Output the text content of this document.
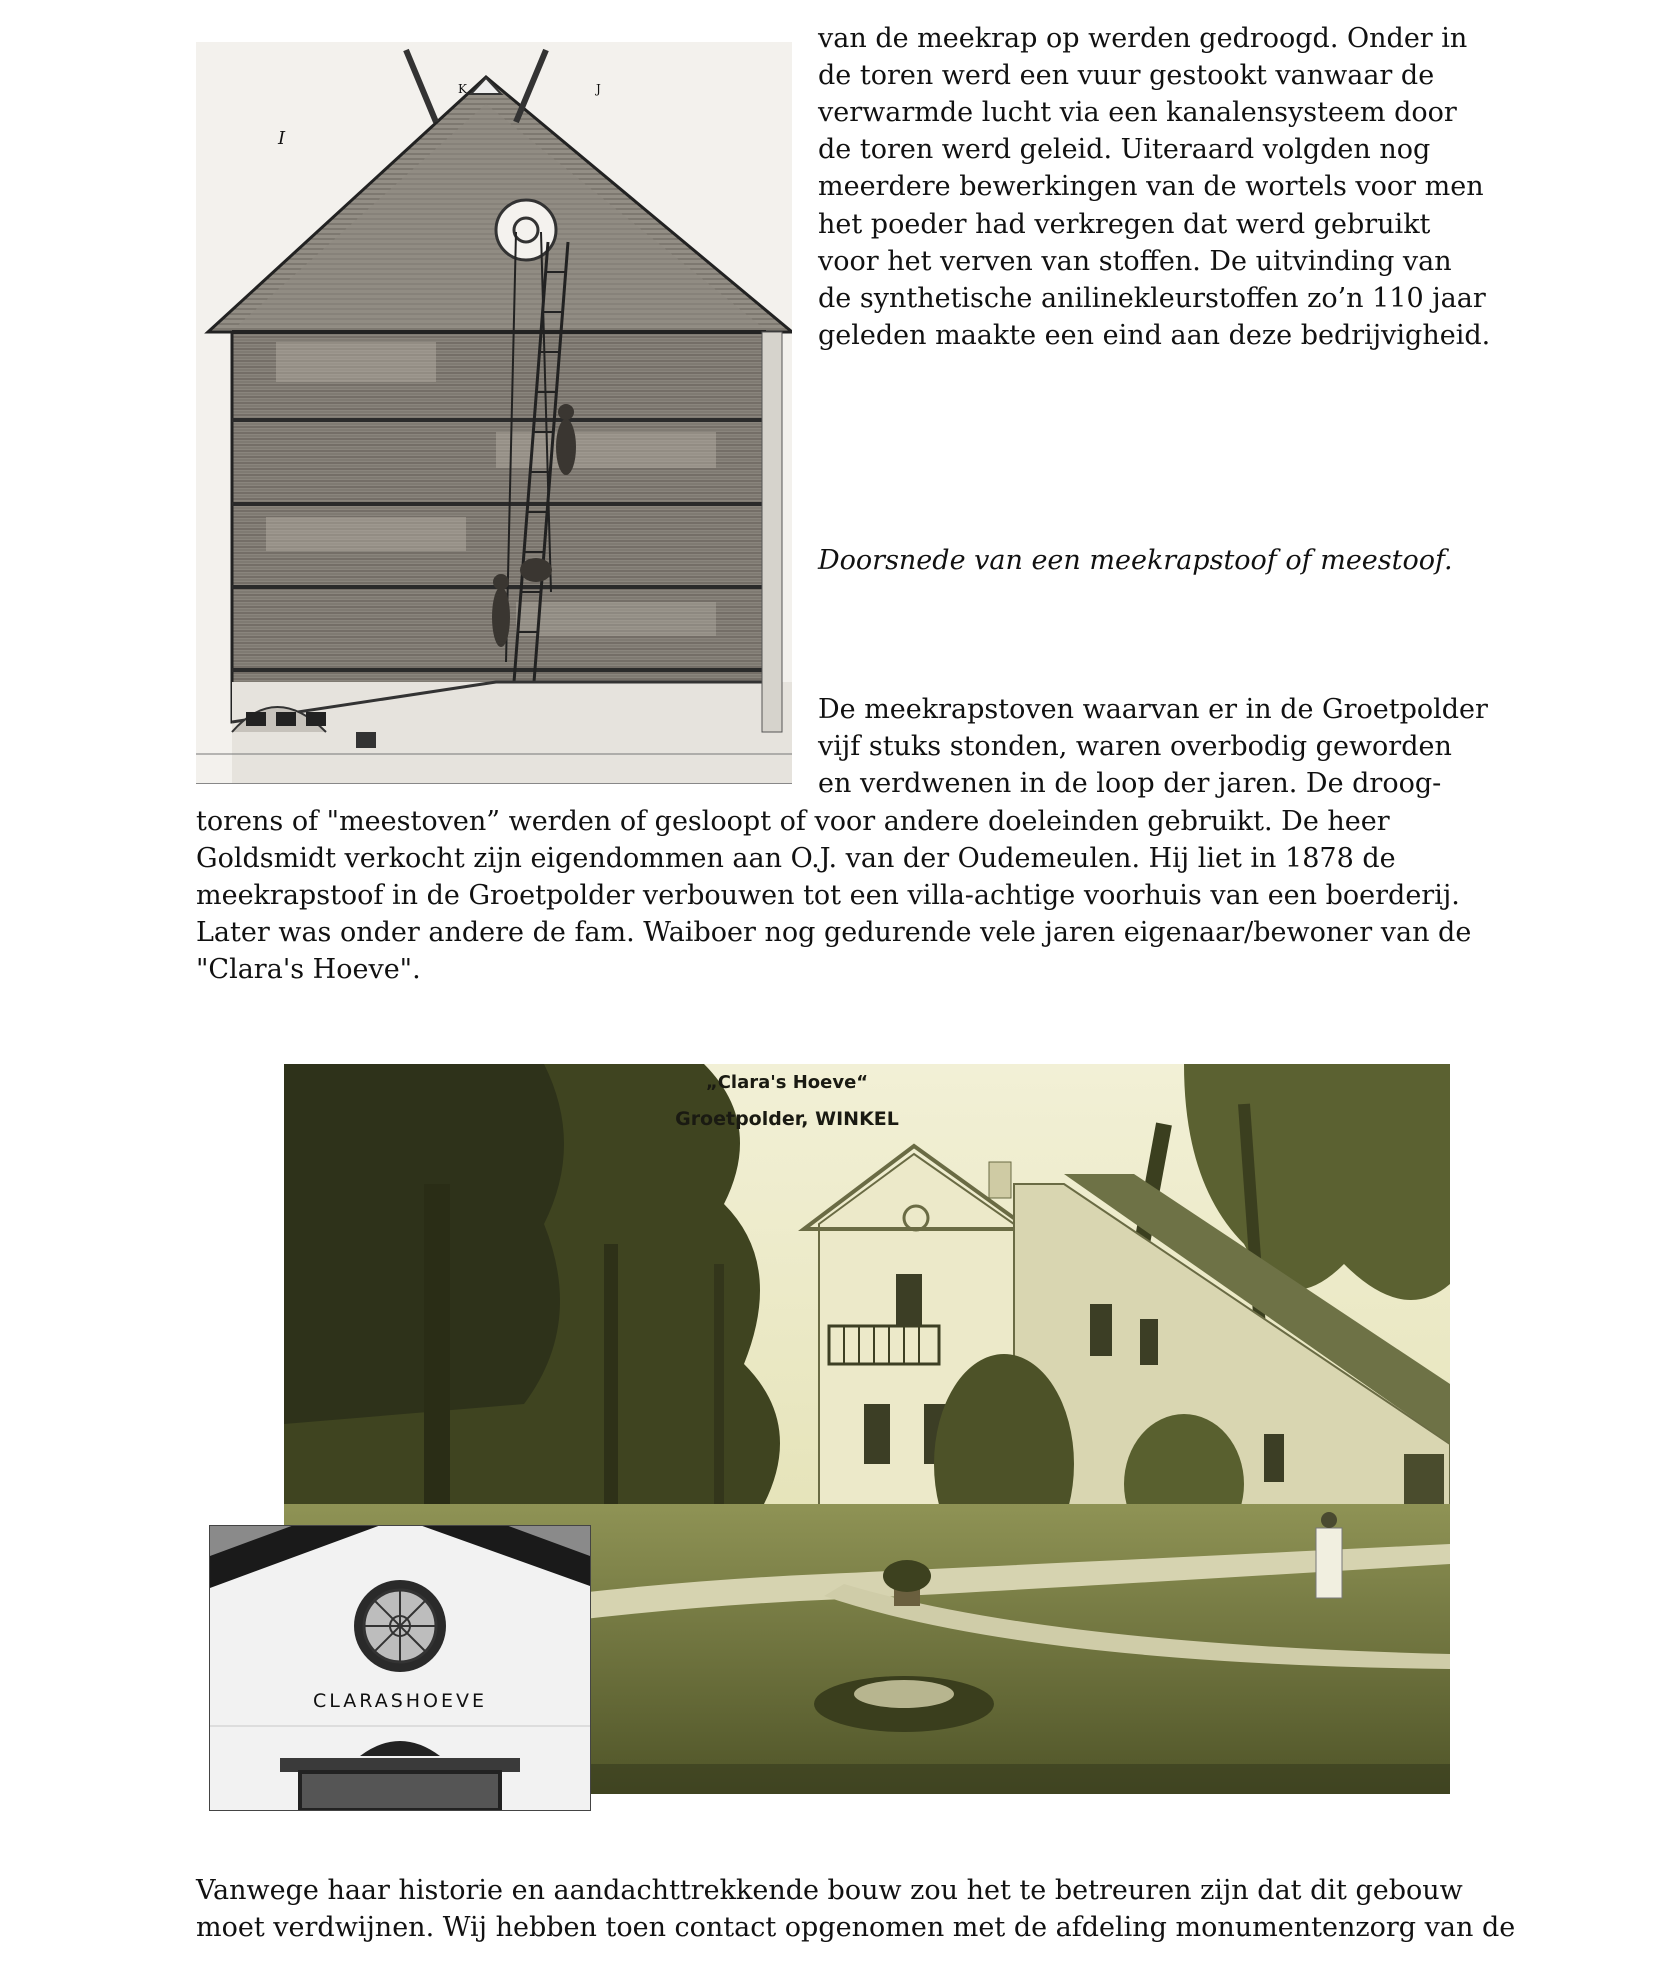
I
K	J
van de meekrap op werden gedroogd. Onder in
de toren werd een vuur gestookt vanwaar de
verwarmde lucht via een kanalensysteem door
de toren werd geleid. Uiteraard volgden nog
meerdere bewerkingen van de wortels voor men
het poeder had verkregen dat werd gebruikt
voor het verven van stoffen. De uitvinding van
de synthetische anilinekleurstoffen zo’n 110 jaar
geleden maakte een eind aan deze bedrijvigheid.
Doorsnede van een meekrapstoof of meestoof.
De meekrapstoven waarvan er in de Groetpolder
vijf stuks stonden, waren overbodig geworden
en verdwenen in de loop der jaren. De droog-
torens of "meestoven” werden of gesloopt of voor andere doeleinden gebruikt. De heer
Goldsmidt verkocht zijn eigendommen aan O.J. van der Oudemeulen. Hij liet in 1878 de
meekrapstoof in de Groetpolder verbouwen tot een villa-achtige voorhuis van een boerderij.
Later was onder andere de fam. Waiboer nog gedurende vele jaren eigenaar/bewoner van de
"Clara's Hoeve".
„Clara's Hoeve“
Groetpolder, WINKEL
CLARASHOEVE
Vanwege haar historie en aandachttrekkende bouw zou het te betreuren zijn dat dit gebouw
moet verdwijnen. Wij hebben toen contact opgenomen met de afdeling monumentenzorg van de
